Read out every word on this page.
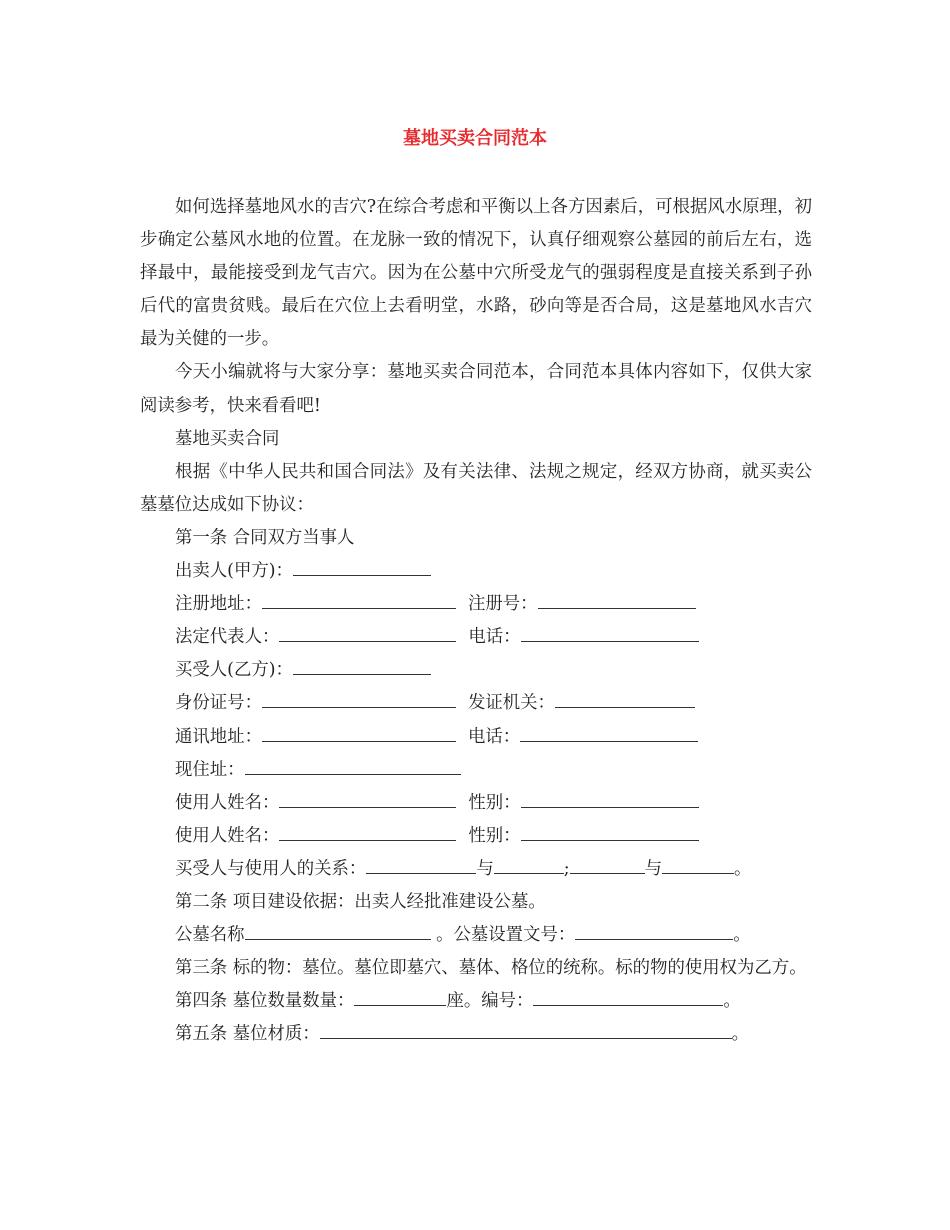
墓地买卖合同范本

如何选择墓地风水的吉穴?在综合考虑和平衡以上各方因素后，可根据风水原理，初步确定公墓风水地的位置。在龙脉一致的情况下，认真仔细观察公墓园的前后左右，选择最中，最能接受到龙气吉穴。因为在公墓中穴所受龙气的强弱程度是直接关系到子孙后代的富贵贫贱。最后在穴位上去看明堂，水路，砂向等是否合局，这是墓地风水吉穴最为关健的一步。

今天小编就将与大家分享：墓地买卖合同范本，合同范本具体内容如下，仅供大家阅读参考，快来看看吧!

墓地买卖合同

根据《中华人民共和国合同法》及有关法律、法规之规定，经双方协商，就买卖公墓墓位达成如下协议：

第一条 合同双方当事人
出卖人(甲方)：
注册地址：	注册号：
法定代表人：	电话：
买受人(乙方)：
身份证号：	发证机关：
通讯地址：	电话：
现住址：
使用人姓名：	性别：
使用人姓名：	性别：
买受人与使用人的关系：	与	;	与	。
第二条 项目建设依据：出卖人经批准建设公墓。
公墓名称	。公墓设置文号：	。

第三条 标的物：墓位。墓位即墓穴、墓体、格位的统称。标的物的使用权为乙方。

第四条 墓位数量数量：	座。编号：	。
第五条 墓位材质：	。
